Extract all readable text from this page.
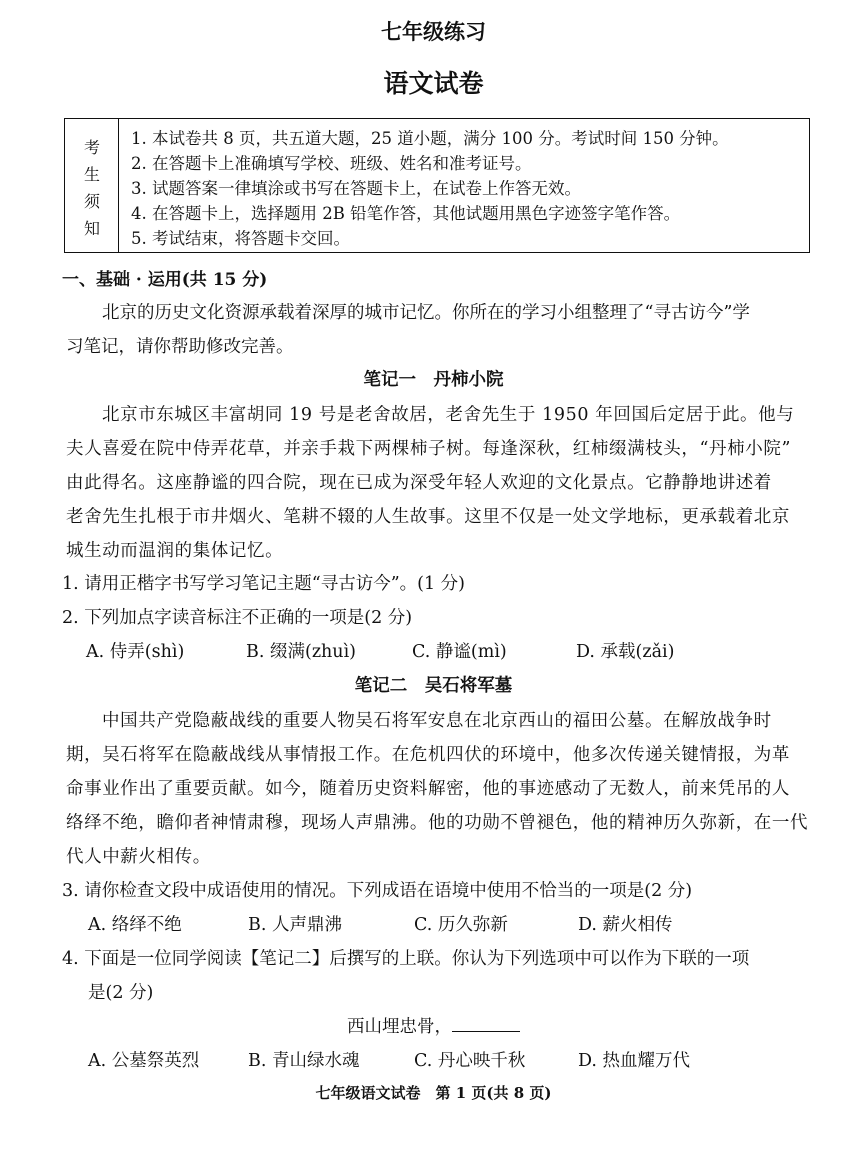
七年级练习
语文试卷
考
生
须
知
1. 本试卷共 8 页，共五道大题，25 道小题，满分 100 分。考试时间 150 分钟。
2. 在答题卡上准确填写学校、班级、姓名和准考证号。
3. 试题答案一律填涂或书写在答题卡上，在试卷上作答无效。
4. 在答题卡上，选择题用 2B 铅笔作答，其他试题用黑色字迹签字笔作答。
5. 考试结束，将答题卡交回。
一、基础 · 运用(共 15 分)
北京的历史文化资源承载着深厚的城市记忆。你所在的学习小组整理了“寻古访今”学
习笔记，请你帮助修改完善。
笔记一　丹柿小院
北京市东城区丰富胡同 19 号是老舍故居，老舍先生于 1950 年回国后定居于此。他与
夫人喜爱在院中侍弄花草，并亲手栽下两棵柿子树。每逢深秋，红柿缀满枝头，“丹柿小院”
由此得名。这座静谧的四合院，现在已成为深受年轻人欢迎的文化景点。它静静地讲述着
老舍先生扎根于市井烟火、笔耕不辍的人生故事。这里不仅是一处文学地标，更承载着北京
城生动而温润的集体记忆。
1. 请用正楷字书写学习笔记主题“寻古访今”。(1 分)
2. 下列加点字读音标注不正确的一项是(2 分)
A. 侍弄(shì)	B. 缀满(zhuì)	C. 静谧(mì)	D. 承载(zǎi)
笔记二　吴石将军墓
中国共产党隐蔽战线的重要人物吴石将军安息在北京西山的福田公墓。在解放战争时
期，吴石将军在隐蔽战线从事情报工作。在危机四伏的环境中，他多次传递关键情报，为革
命事业作出了重要贡献。如今，随着历史资料解密，他的事迹感动了无数人，前来凭吊的人
络绎不绝，瞻仰者神情肃穆，现场人声鼎沸。他的功勋不曾褪色，他的精神历久弥新，在一代
代人中薪火相传。
3. 请你检查文段中成语使用的情况。下列成语在语境中使用不恰当的一项是(2 分)
A. 络绎不绝	B. 人声鼎沸	C. 历久弥新	D. 薪火相传
4. 下面是一位同学阅读【笔记二】后撰写的上联。你认为下列选项中可以作为下联的一项
是(2 分)
西山埋忠骨，
A. 公墓祭英烈	B. 青山绿水魂	C. 丹心映千秋	D. 热血耀万代
七年级语文试卷　第 1 页(共 8 页)
